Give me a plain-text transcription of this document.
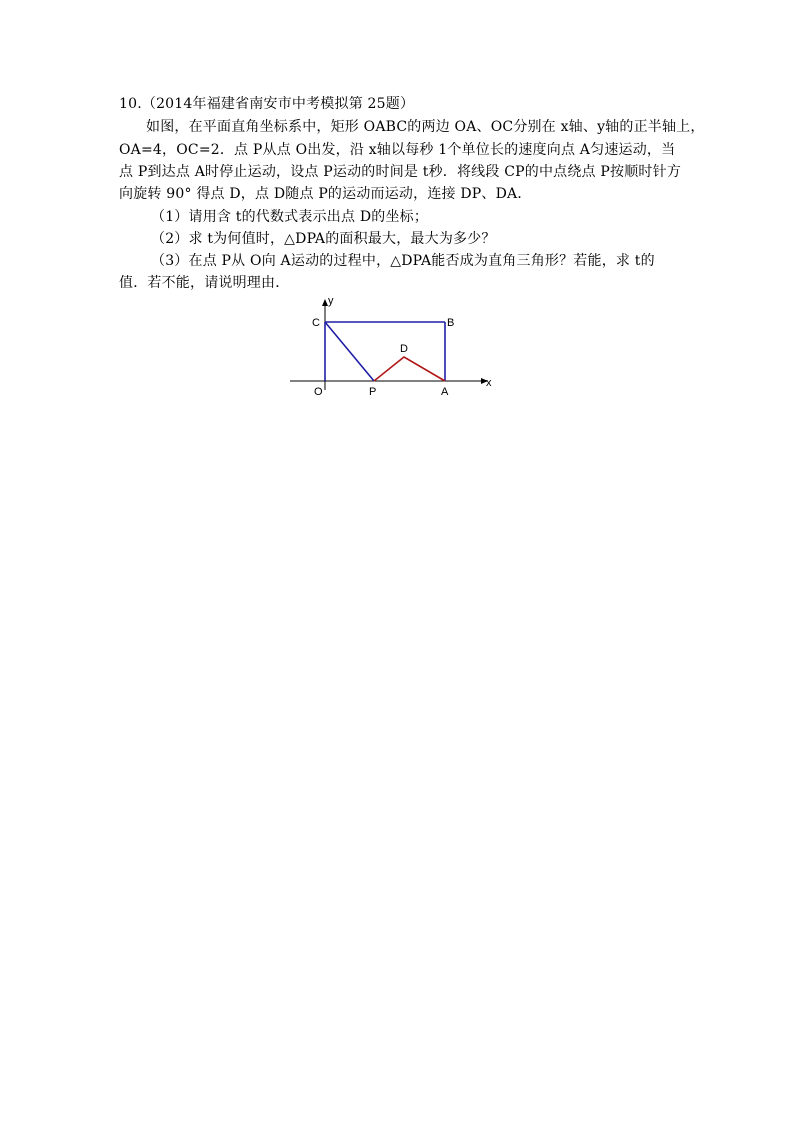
10.（2014年福建省南安市中考模拟第 25题）
如图，在平面直角坐标系中，矩形 OABC的两边 OA、OC分别在 x轴、y轴的正半轴上，
OA=4，OC=2．点 P从点 O出发，沿 x轴以每秒 1个单位长的速度向点 A匀速运动，当
点 P到达点 A时停止运动，设点 P运动的时间是 t秒．将线段 CP的中点绕点 P按顺时针方
向旋转 90° 得点 D，点 D随点 P的运动而运动，连接 DP、DA．
（1）请用含 t的代数式表示出点 D的坐标；
（2）求 t为何值时，△DPA的面积最大，最大为多少？
（3）在点 P从 O向 A运动的过程中，△DPA能否成为直角三角形？若能，求 t的
值．若不能，请说明理由．
y
x
C	B
D
O	P	A
